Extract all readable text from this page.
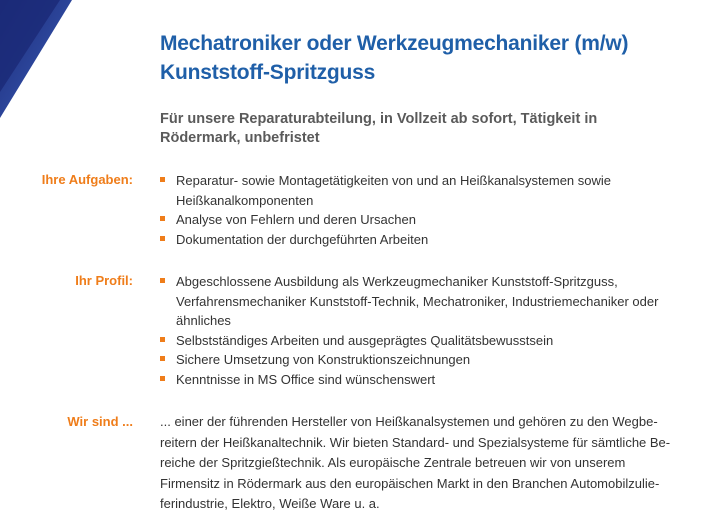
Mechatroniker oder Werkzeugmechaniker (m/w)
Kunststoff-Spritzguss
Für unsere Reparaturabteilung, in Vollzeit ab sofort, Tätigkeit in
Rödermark, unbefristet
Ihre Aufgaben:	Reparatur- sowie Montagetätigkeiten von und an Heißkanalsystemen sowie
Heißkanalkomponenten
Analyse von Fehlern und deren Ursachen
Dokumentation der durchgeführten Arbeiten
Ihr Profil:	Abgeschlossene Ausbildung als Werkzeugmechaniker Kunststoff-Spritzguss,
Verfahrensmechaniker Kunststoff-Technik, Mechatroniker, Industriemechaniker oder
ähnliches
Selbstständiges Arbeiten und ausgeprägtes Qualitätsbewusstsein
Sichere Umsetzung von Konstruktionszeichnungen
Kenntnisse in MS Office sind wünschenswert
Wir sind ... ... einer der führenden Hersteller von Heißkanalsystemen und gehören zu den Wegbe-
reitern der Heißkanaltechnik. Wir bieten Standard- und Spezialsysteme für sämtliche Be-
reiche der Spritzgießtechnik. Als europäische Zentrale betreuen wir von unserem
Firmensitz in Rödermark aus den europäischen Markt in den Branchen Automobilzulie-
ferindustrie, Elektro, Weiße Ware u. a.
